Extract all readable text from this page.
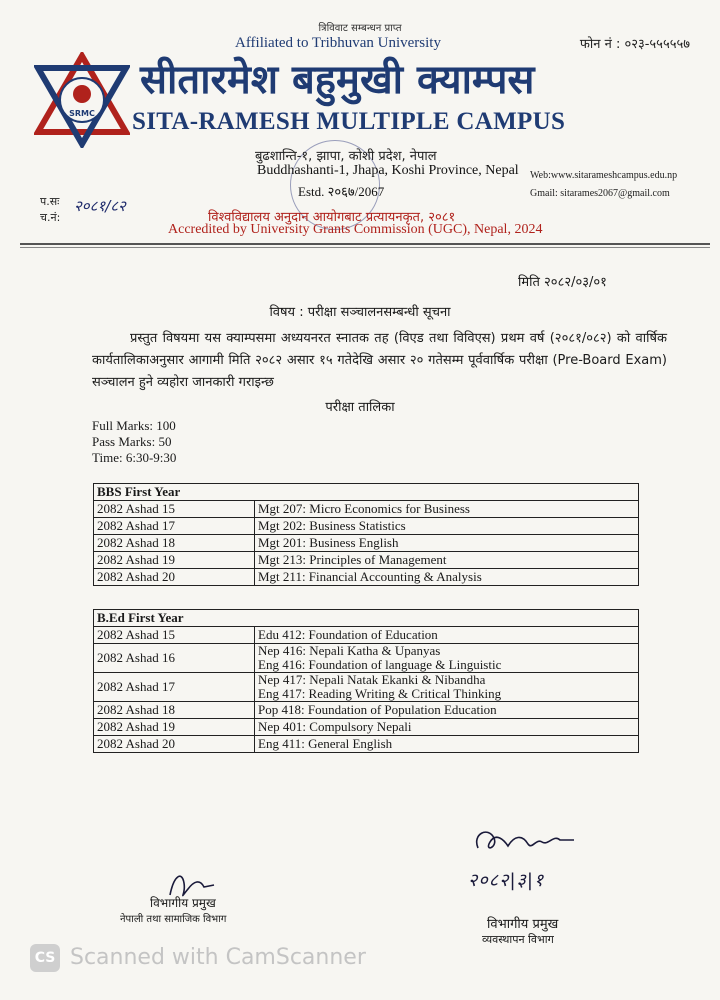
त्रिविवाट सम्बन्धन प्राप्त
Affiliated to Tribhuvan University	फोन नं : ०२३-५५५५५७
SRMC
सीतारमेश बहुमुखी क्याम्पस
SITA-RAMESH MULTIPLE CAMPUS
बुढशान्ति-१, झापा, कोशी प्रदेश, नेपाल
Buddhashanti-1, Jhapa, Koshi Province, Nepal
Estd. २०६७/2067
Web:www.sitarameshcampus.edu.np
Gmail: sitarames2067@gmail.com
प.सः
च.नं:
२०८१/८२
विश्वविद्यालय अनुदान आयोगबाट प्रत्यायनकृत, २०८१
Accredited by University Grants Commission (UGC), Nepal, 2024
मिति २०८२/०३/०१
विषय : परीक्षा सञ्चालनसम्बन्धी सूचना
प्रस्तुत विषयमा यस क्याम्पसमा अध्ययनरत स्नातक तह (विएड तथा विविएस) प्रथम वर्ष (२०८१/०८२) को वार्षिक कार्यतालिकाअनुसार आगामी मिति २०८२ असार १५ गतेदेखि असार २० गतेसम्म पूर्ववार्षिक परीक्षा (Pre-Board Exam) सञ्चालन हुने व्यहोरा जानकारी गराइन्छ
परीक्षा तालिका
Full Marks: 100
Pass Marks: 50
Time: 6:30-9:30
BBS First Year	
2082 Ashad 15	Mgt 207: Micro Economics for Business
2082 Ashad 17	Mgt 202: Business Statistics
2082 Ashad 18	Mgt 201: Business English
2082 Ashad 19	Mgt 213: Principles of Management
2082 Ashad 20	Mgt 211: Financial Accounting & Analysis
B.Ed First Year	
2082 Ashad 15	Edu 412: Foundation of Education
2082 Ashad 16	Nep 416: Nepali Katha & Upanyas
Eng 416: Foundation of language & Linguistic

2082 Ashad 17	Nep 417: Nepali Natak Ekanki & Nibandha
Eng 417: Reading Writing & Critical Thinking

2082 Ashad 18	Pop 418: Foundation of Population Education
2082 Ashad 19	Nep 401: Compulsory Nepali
2082 Ashad 20	Eng 411: General English
२०८२|३|१
विभागीय प्रमुख
व्यवस्थापन विभाग
विभागीय प्रमुख
नेपाली तथा सामाजिक विभाग
CS Scanned with CamScanner
